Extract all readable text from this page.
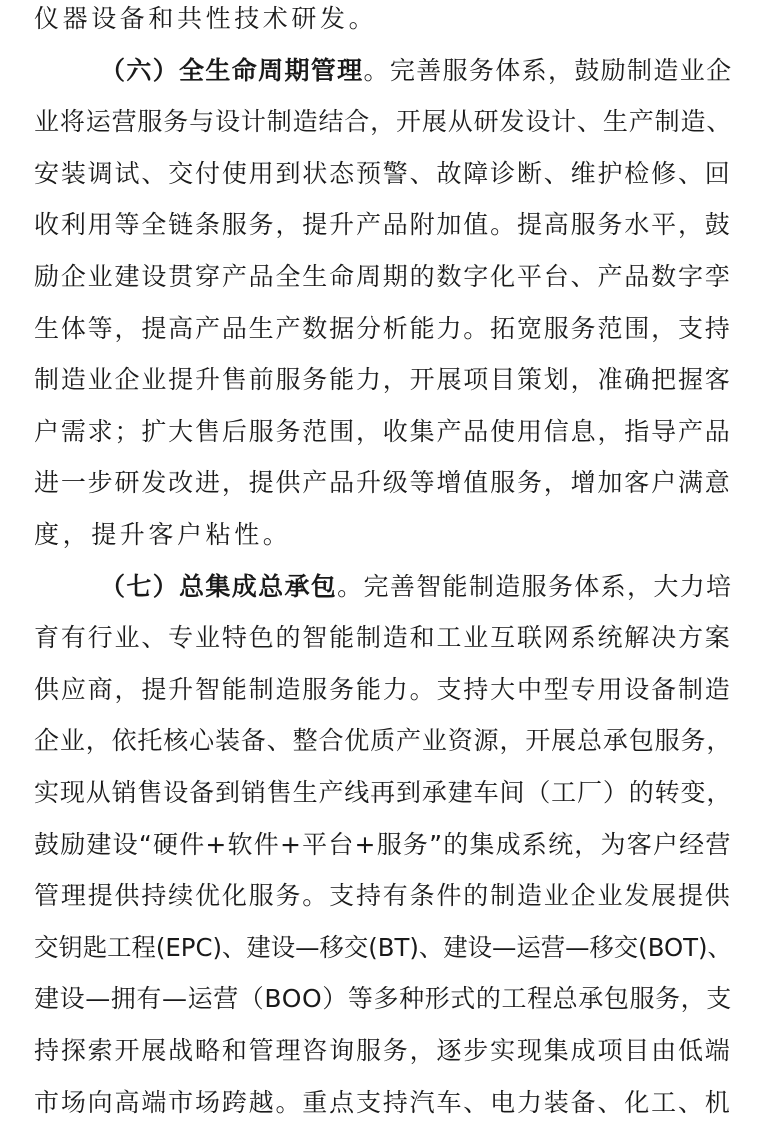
仪器设备和共性技术研发。
（六）全生命周期管理。完善服务体系，鼓励制造业企
业将运营服务与设计制造结合，开展从研发设计、生产制造、
安装调试、交付使用到状态预警、故障诊断、维护检修、回
收利用等全链条服务，提升产品附加值。提高服务水平，鼓
励企业建设贯穿产品全生命周期的数字化平台、产品数字孪
生体等，提高产品生产数据分析能力。拓宽服务范围，支持
制造业企业提升售前服务能力，开展项目策划，准确把握客
户需求；扩大售后服务范围，收集产品使用信息，指导产品
进一步研发改进，提供产品升级等增值服务，增加客户满意
度，提升客户粘性。
（七）总集成总承包。完善智能制造服务体系，大力培
育有行业、专业特色的智能制造和工业互联网系统解决方案
供应商，提升智能制造服务能力。支持大中型专用设备制造
企业，依托核心装备、整合优质产业资源，开展总承包服务，
实现从销售设备到销售生产线再到承建车间（工厂）的转变，
鼓励建设“硬件+软件+平台+服务”的集成系统，为客户经营
管理提供持续优化服务。支持有条件的制造业企业发展提供
交钥匙工程(EPC)、建设—移交(BT)、建设—运营—移交(BOT)、
建设—拥有—运营（BOO）等多种形式的工程总承包服务，支
持探索开展战略和管理咨询服务，逐步实现集成项目由低端
市场向高端市场跨越。重点支持汽车、电力装备、化工、机
